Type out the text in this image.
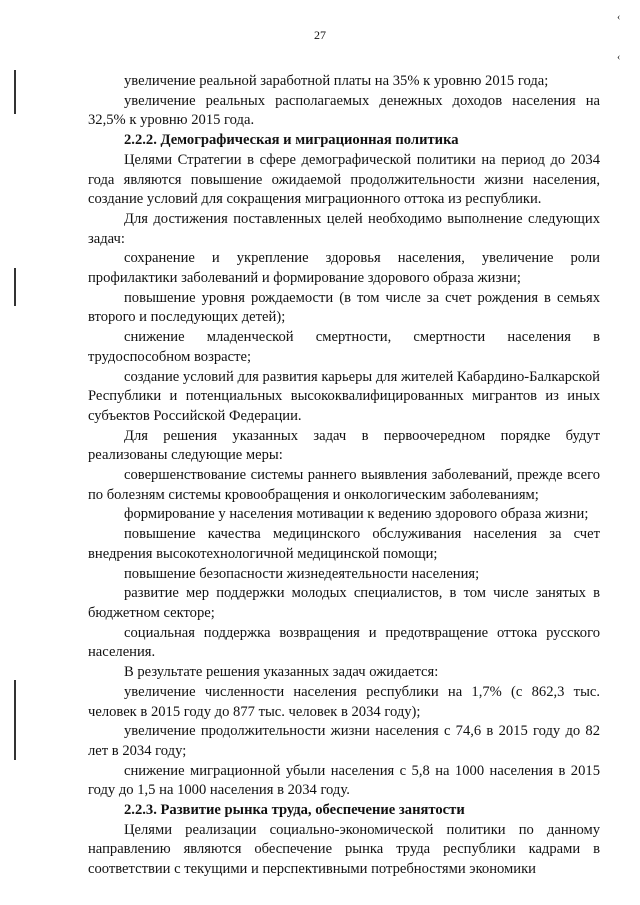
27
‹
‹

увеличение реальной заработной платы на 35% к уровню 2015 года;

увеличение реальных располагаемых денежных доходов населения на 32,5% к уровню 2015 года.

2.2.2. Демографическая и миграционная политика

Целями Стратегии в сфере демографической политики на период до 2034 года являются повышение ожидаемой продолжительности жизни населения, создание условий для сокращения миграционного оттока из республики.

Для достижения поставленных целей необходимо выполнение следующих задач:

сохранение и укрепление здоровья населения, увеличение роли профилактики заболеваний и формирование здорового образа жизни;

повышение уровня рождаемости (в том числе за счет рождения в семьях второго и последующих детей);

снижение младенческой смертности, смертности населения в трудоспособном возрасте;

создание условий для развития карьеры для жителей Кабардино-Балкарской Республики и потенциальных высококвалифицированных мигрантов из иных субъектов Российской Федерации.

Для решения указанных задач в первоочередном порядке будут реализованы следующие меры:

совершенствование системы раннего выявления заболеваний, прежде всего по болезням системы кровообращения и онкологическим заболеваниям;

формирование у населения мотивации к ведению здорового образа жизни;

повышение качества медицинского обслуживания населения за счет внедрения высокотехнологичной медицинской помощи;

повышение безопасности жизнедеятельности населения;

развитие мер поддержки молодых специалистов, в том числе занятых в бюджетном секторе;

социальная поддержка возвращения и предотвращение оттока русского населения.

В результате решения указанных задач ожидается:

увеличение численности населения республики на 1,7% (с 862,3 тыс. человек в 2015 году до 877 тыс. человек в 2034 году);

увеличение продолжительности жизни населения с 74,6 в 2015 году до 82 лет в 2034 году;

снижение миграционной убыли населения с 5,8 на 1000 населения в 2015 году до 1,5 на 1000 населения в 2034 году.

2.2.3. Развитие рынка труда, обеспечение занятости

Целями реализации социально-экономической политики по данному направлению являются обеспечение рынка труда республики кадрами в соответствии с текущими и перспективными потребностями экономики
